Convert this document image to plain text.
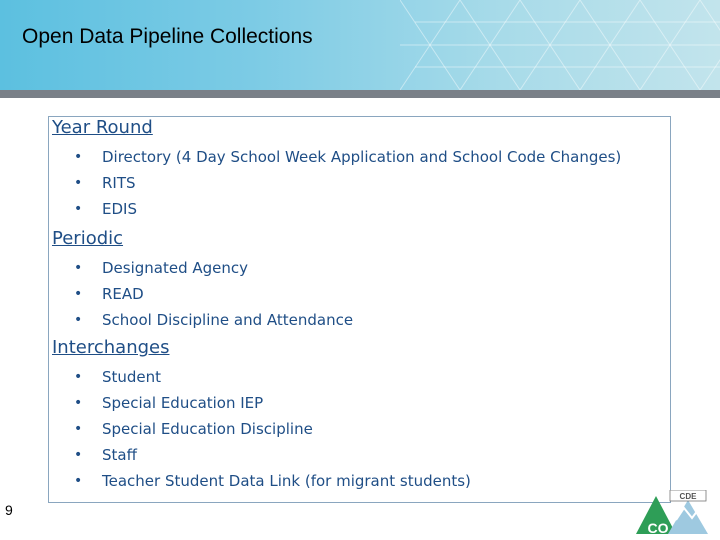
Open Data Pipeline Collections
Year Round
• Directory (4 Day School Week Application and School Code Changes)
• RITS
• EDIS
Periodic
• Designated Agency
• READ
• School Discipline and Attendance
Interchanges
• Student
• Special Education IEP
• Special Education Discipline
• Staff
• Teacher Student Data Link (for migrant students)
9
CDE
CO
